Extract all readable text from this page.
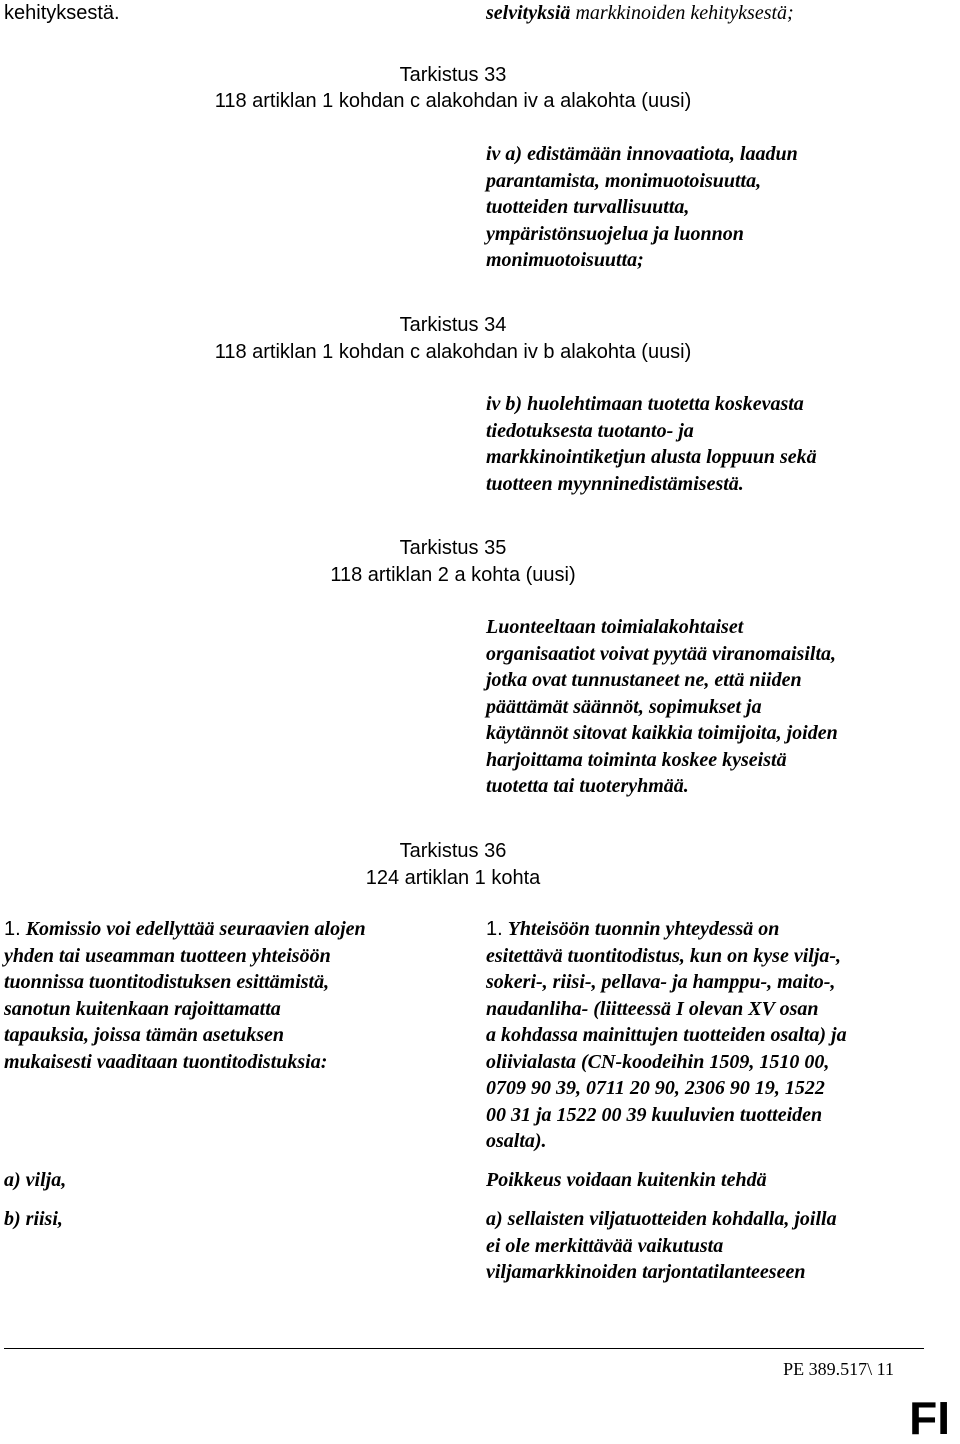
kehityksestä.	selvityksiä markkinoiden kehityksestä;
Tarkistus 33
118 artiklan 1 kohdan c alakohdan iv a alakohta (uusi)
iv a) edistämään innovaatiota, laadun
parantamista, monimuotoisuutta,
tuotteiden turvallisuutta,
ympäristönsuojelua ja luonnon
monimuotoisuutta;
Tarkistus 34
118 artiklan 1 kohdan c alakohdan iv b alakohta (uusi)
iv b) huolehtimaan tuotetta koskevasta
tiedotuksesta tuotanto- ja
markkinointiketjun alusta loppuun sekä
tuotteen myynninedistämisestä.
Tarkistus 35
118 artiklan 2 a kohta (uusi)
Luonteeltaan toimialakohtaiset
organisaatiot voivat pyytää viranomaisilta,
jotka ovat tunnustaneet ne, että niiden
päättämät säännöt, sopimukset ja
käytännöt sitovat kaikkia toimijoita, joiden
harjoittama toiminta koskee kyseistä
tuotetta tai tuoteryhmää.
Tarkistus 36
124 artiklan 1 kohta
1. Komissio voi edellyttää seuraavien alojen
yhden tai useamman tuotteen yhteisöön
tuonnissa tuontitodistuksen esittämistä,
sanotun kuitenkaan rajoittamatta
tapauksia, joissa tämän asetuksen
mukaisesti vaaditaan tuontitodistuksia:
a) vilja,
b) riisi,
1. Yhteisöön tuonnin yhteydessä on
esitettävä tuontitodistus, kun on kyse vilja-,
sokeri-, riisi-, pellava- ja hamppu-, maito-,
naudanliha- (liitteessä I olevan XV osan
a kohdassa mainittujen tuotteiden osalta) ja
oliivialasta (CN-koodeihin 1509, 1510 00,
0709 90 39, 0711 20 90, 2306 90 19, 1522
00 31 ja 1522 00 39 kuuluvien tuotteiden
osalta).
Poikkeus voidaan kuitenkin tehdä
a) sellaisten viljatuotteiden kohdalla, joilla
ei ole merkittävää vaikutusta
viljamarkkinoiden tarjontatilanteeseen
PE 389.517\ 11
FI
